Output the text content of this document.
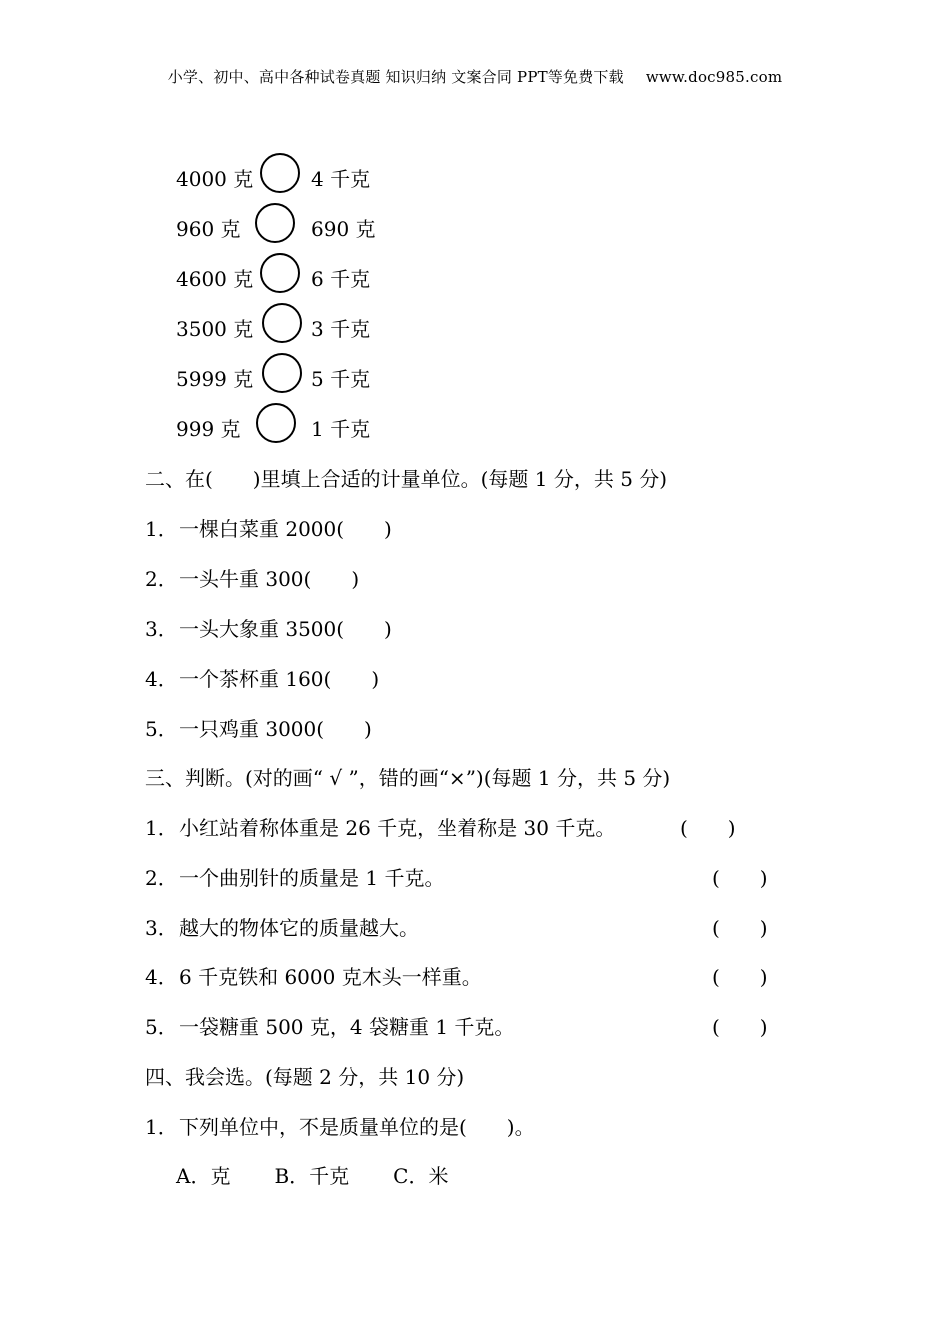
小学、初中、高中各种试卷真题 知识归纳 文案合同 PPT等免费下载 www.doc985.com
4000 克	4 千克
960 克	690 克
4600 克	6 千克
3500 克	3 千克
5999 克	5 千克
999 克	1 千克
二、在(　　)里填上合适的计量单位。(每题 1 分，共 5 分)
1．一棵白菜重 2000(　　)
2．一头牛重 300(　　)
3．一头大象重 3500(　　)
4．一个茶杯重 160(　　)
5．一只鸡重 3000(　　)
三、判断。(对的画“ √ ”，错的画“×”)(每题 1 分，共 5 分)
1．小红站着称体重是 26 千克，坐着称是 30 千克。	(　　)
2．一个曲别针的质量是 1 千克。	(　　)
3．越大的物体它的质量越大。	(　　)
4．6 千克铁和 6000 克木头一样重。	(　　)
5．一袋糖重 500 克，4 袋糖重 1 千克。	(　　)
四、我会选。(每题 2 分，共 10 分)
1．下列单位中，不是质量单位的是(　　)。
A．克 B．千克 C．米
